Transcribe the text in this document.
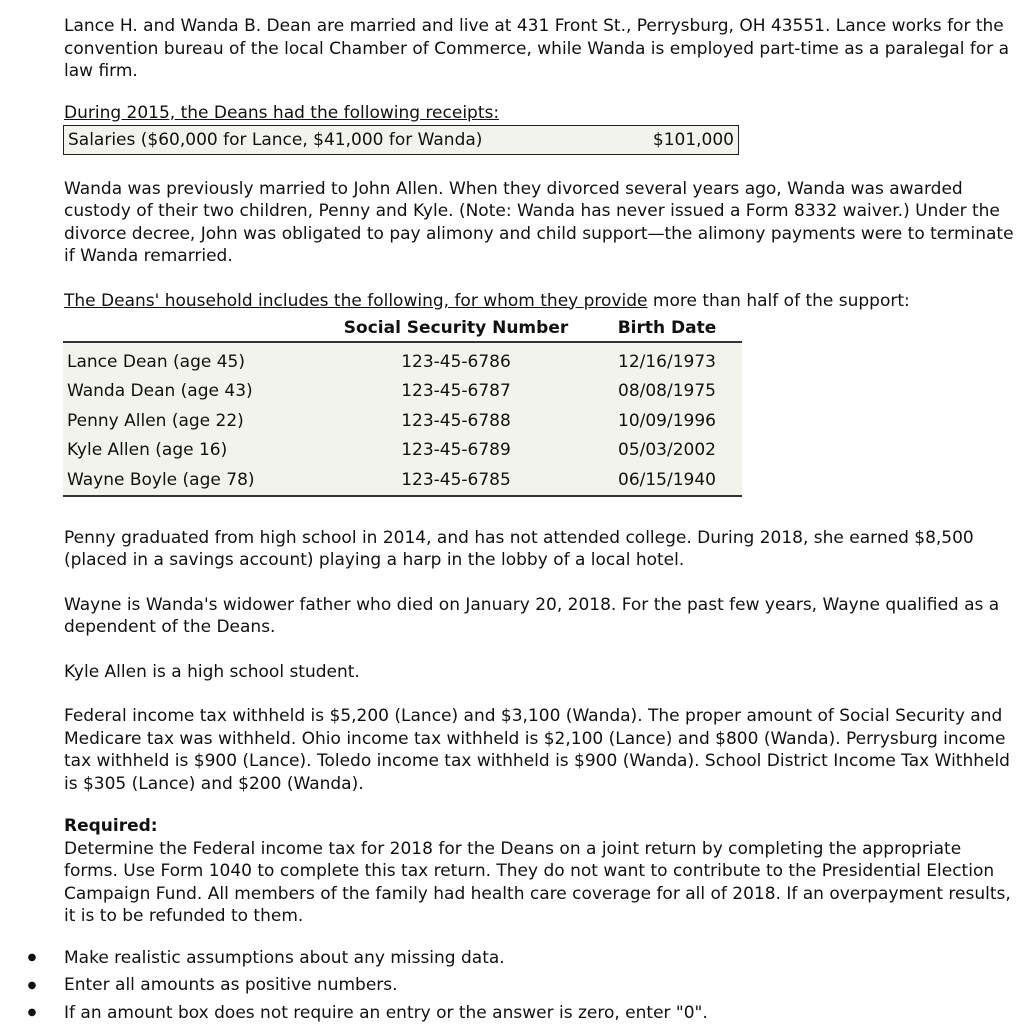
Lance H. and Wanda B. Dean are married and live at 431 Front St., Perrysburg, OH 43551. Lance works for the convention bureau of the local Chamber of Commerce, while Wanda is employed part-time as a paralegal for a law firm.

During 2015, the Deans had the following receipts:
Salaries ($60,000 for Lance, $41,000 for Wanda)	$101,000

Wanda was previously married to John Allen. When they divorced several years ago, Wanda was awarded custody of their two children, Penny and Kyle. (Note: Wanda has never issued a Form 8332 waiver.) Under the divorce decree, John was obligated to pay alimony and child support—the alimony payments were to terminate if Wanda remarried.

The Deans' household includes the following, for whom they provide more than half of the support:

	Social Security Number	Birth Date
Lance Dean (age 45)	123-45-6786	12/16/1973
Wanda Dean (age 43)	123-45-6787	08/08/1975
Penny Allen (age 22)	123-45-6788	10/09/1996
Kyle Allen (age 16)	123-45-6789	05/03/2002
Wayne Boyle (age 78)	123-45-6785	06/15/1940

Penny graduated from high school in 2014, and has not attended college. During 2018, she earned $8,500 (placed in a savings account) playing a harp in the lobby of a local hotel.

Wayne is Wanda's widower father who died on January 20, 2018. For the past few years, Wayne qualified as a dependent of the Deans.

Kyle Allen is a high school student.

Federal income tax withheld is $5,200 (Lance) and $3,100 (Wanda). The proper amount of Social Security and Medicare tax was withheld. Ohio income tax withheld is $2,100 (Lance) and $800 (Wanda). Perrysburg income tax withheld is $900 (Lance). Toledo income tax withheld is $900 (Wanda). School District Income Tax Withheld is $305 (Lance) and $200 (Wanda).

Required:

Determine the Federal income tax for 2018 for the Deans on a joint return by completing the appropriate forms. Use Form 1040 to complete this tax return. They do not want to contribute to the Presidential Election Campaign Fund. All members of the family had health care coverage for all of 2018. If an overpayment results, it is to be refunded to them.

●	Make realistic assumptions about any missing data.
●	Enter all amounts as positive numbers.
●	If an amount box does not require an entry or the answer is zero, enter "0".
